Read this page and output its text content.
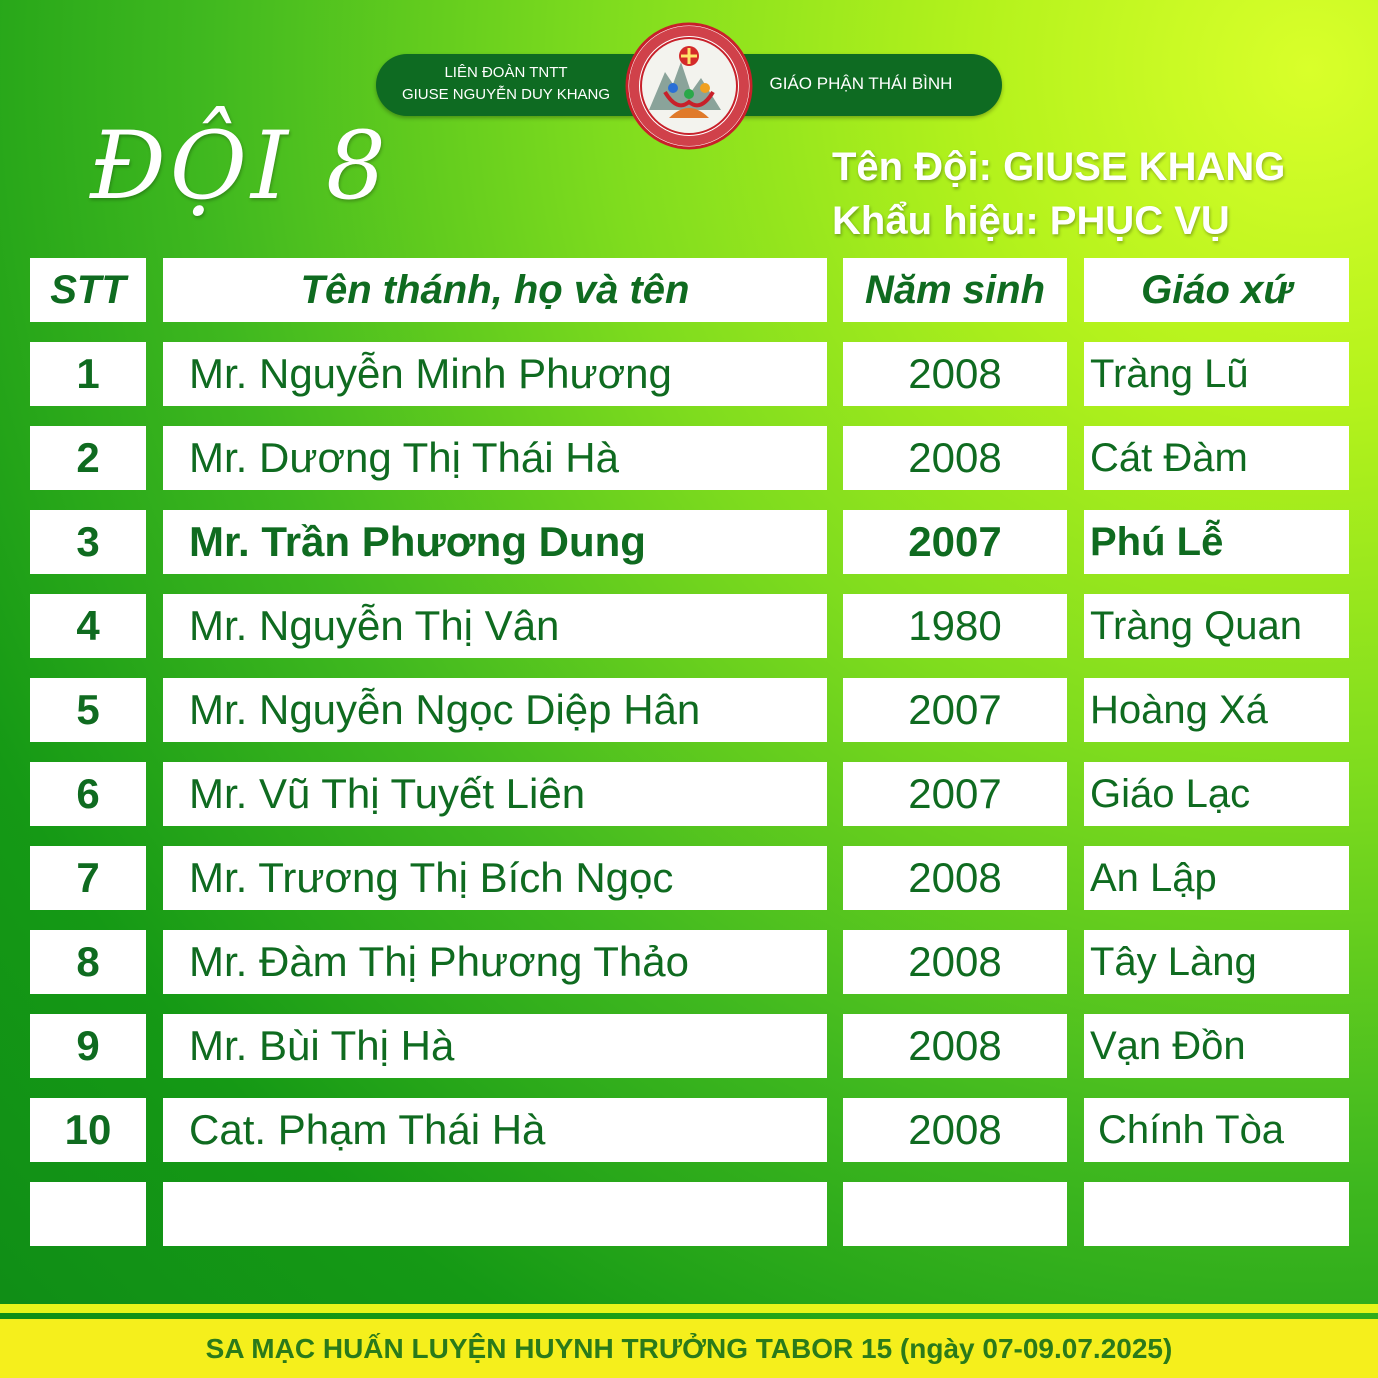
LIÊN ĐOÀN TNTT
GIUSE NGUYỄN DUY KHANG
GIÁO PHẬN THÁI BÌNH
ĐỘI 8	Tên Đội: GIUSE KHANG
Khẩu hiệu: PHỤC VỤ
STT	Tên thánh, họ và tên	Năm sinh	Giáo xứ
1	Mr. Nguyễn Minh Phương	2008	Tràng Lũ
2	Mr. Dương Thị Thái Hà	2008	Cát Đàm
3	Mr. Trần Phương Dung	2007	Phú Lễ
4	Mr. Nguyễn Thị Vân	1980	Tràng Quan
5	Mr. Nguyễn Ngọc Diệp Hân	2007	Hoàng Xá
6	Mr. Vũ Thị Tuyết Liên	2007	Giáo Lạc
7	Mr. Trương Thị Bích Ngọc	2008	An Lập
8	Mr. Đàm Thị Phương Thảo	2008	Tây Làng
9	Mr. Bùi Thị Hà	2008	Vạn Đồn
10	Cat. Phạm Thái Hà	2008	Chính Tòa
SA MẠC HUẤN LUYỆN HUYNH TRƯỞNG TABOR 15 (ngày 07-09.07.2025)
